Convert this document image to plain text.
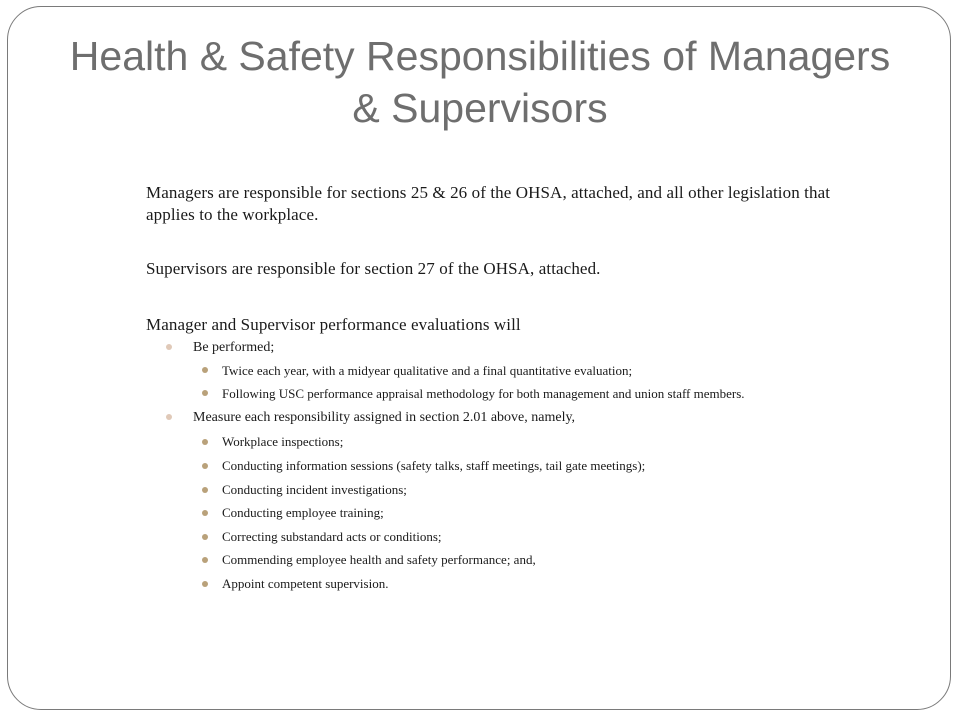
Health & Safety Responsibilities of Managers & Supervisors

Managers are responsible for sections 25 & 26 of the OHSA, attached, and all other legislation that applies to the workplace.

Supervisors are responsible for section 27 of the OHSA, attached.

Manager and Supervisor performance evaluations will

Be performed;
Twice each year, with a midyear qualitative and a final quantitative evaluation;
Following USC performance appraisal methodology for both management and union staff members.
Measure each responsibility assigned in section 2.01 above, namely,
Workplace inspections;
Conducting information sessions (safety talks, staff meetings, tail gate meetings);
Conducting incident investigations;
Conducting employee training;
Correcting substandard acts or conditions;
Commending employee health and safety performance; and,
Appoint competent supervision.
